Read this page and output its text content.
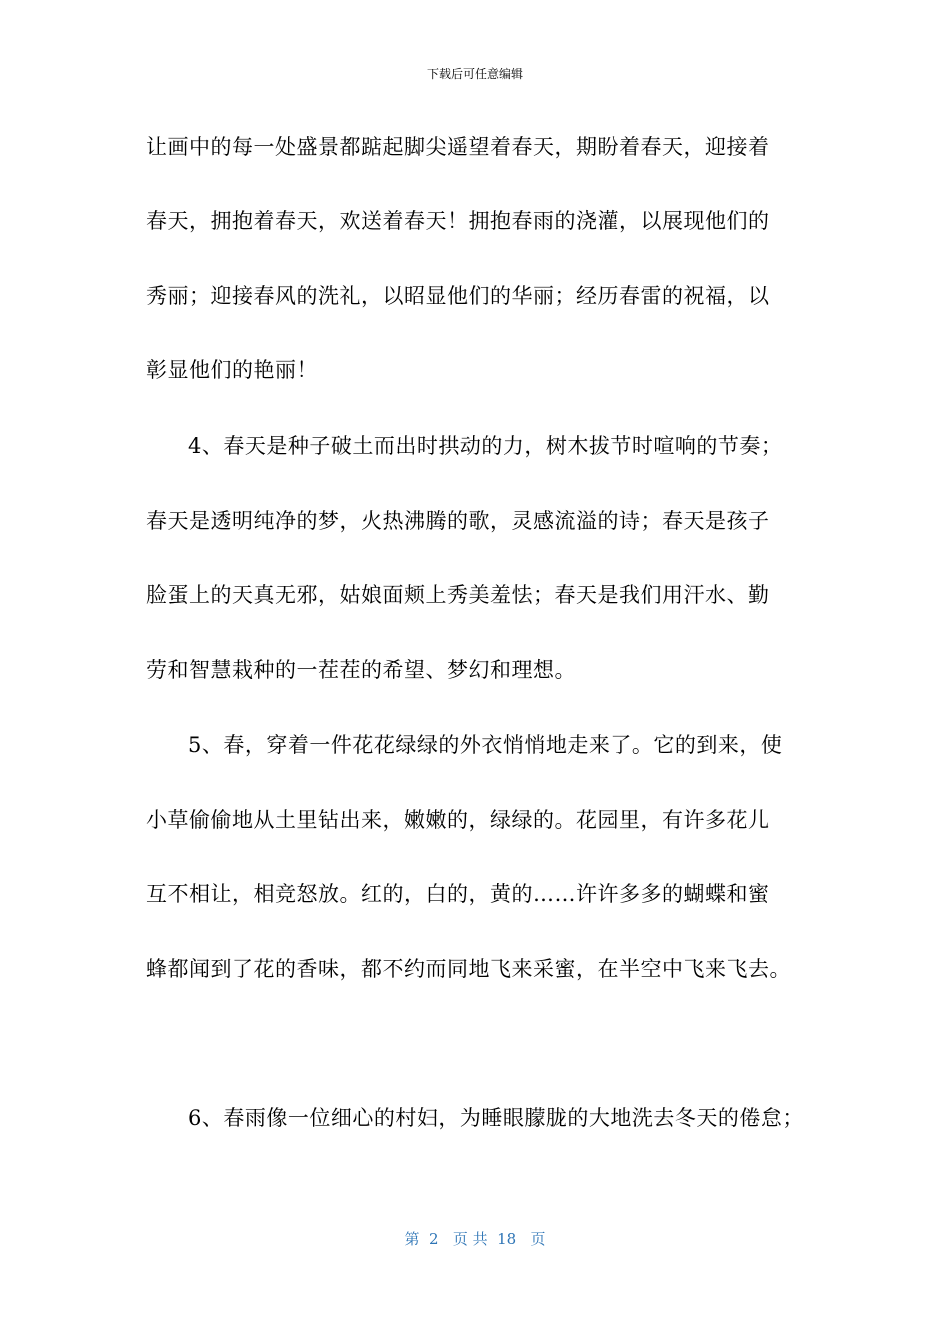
下载后可任意编辑
让画中的每一处盛景都踮起脚尖遥望着春天，期盼着春天，迎接着
春天，拥抱着春天，欢送着春天！拥抱春雨的浇灌，以展现他们的
秀丽；迎接春风的洗礼，以昭显他们的华丽；经历春雷的祝福，以
彰显他们的艳丽！
4、春天是种子破土而出时拱动的力，树木拔节时喧响的节奏；
春天是透明纯净的梦，火热沸腾的歌，灵感流溢的诗；春天是孩子
脸蛋上的天真无邪，姑娘面颊上秀美羞怯；春天是我们用汗水、勤
劳和智慧栽种的一茬茬的希望、梦幻和理想。
5、春，穿着一件花花绿绿的外衣悄悄地走来了。它的到来，使
小草偷偷地从土里钻出来，嫩嫩的，绿绿的。花园里，有许多花儿
互不相让，相竞怒放。红的，白的，黄的……许许多多的蝴蝶和蜜
蜂都闻到了花的香味，都不约而同地飞来采蜜，在半空中飞来飞去。
6、春雨像一位细心的村妇，为睡眼朦胧的大地洗去冬天的倦怠；
第  2   页 共  18   页
